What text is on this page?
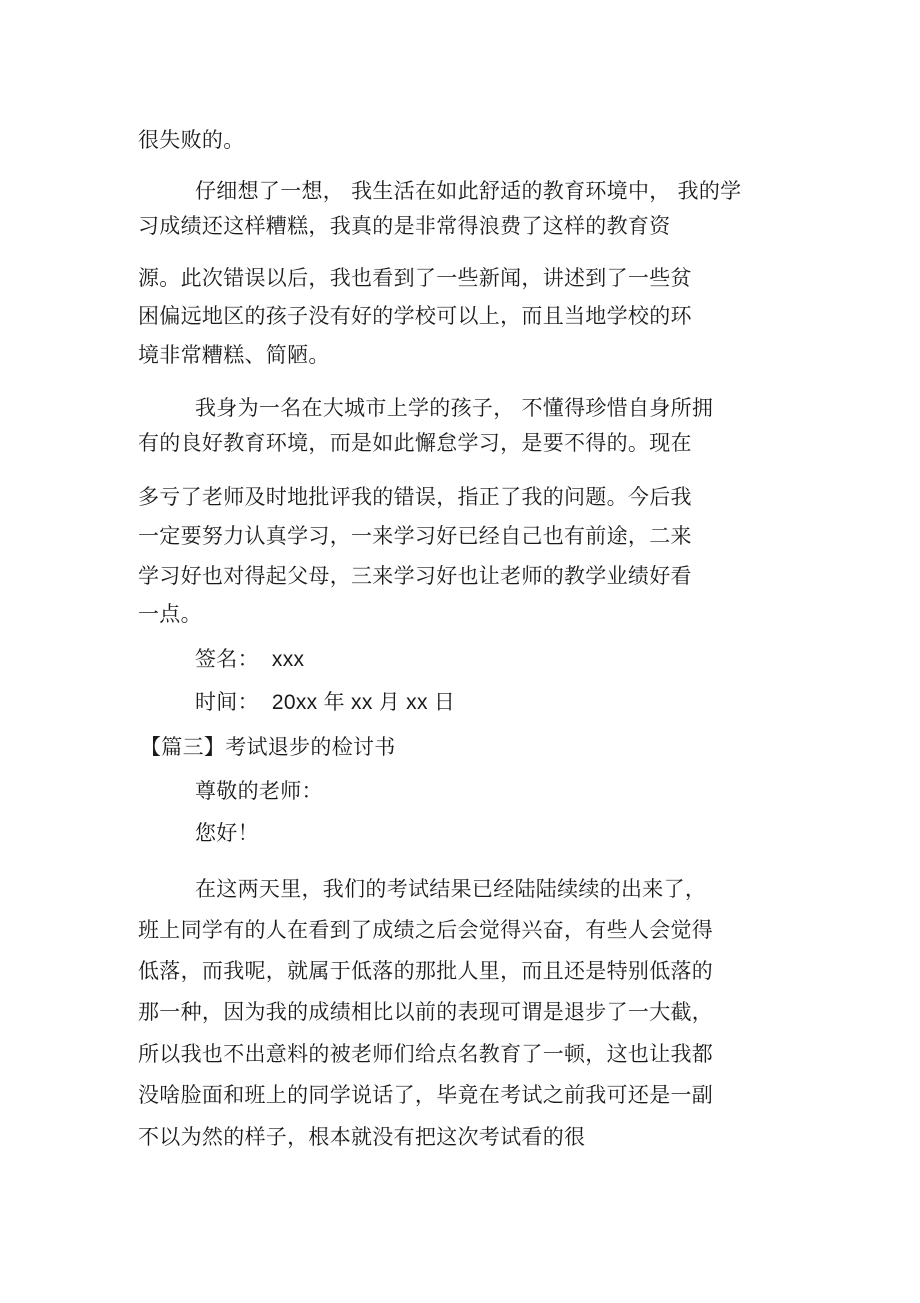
很失败的。
仔细想了一想， 我生活在如此舒适的教育环境中， 我的学
习成绩还这样糟糕，我真的是非常得浪费了这样的教育资
源。此次错误以后，我也看到了一些新闻，讲述到了一些贫
困偏远地区的孩子没有好的学校可以上，而且当地学校的环
境非常糟糕、简陋。
我身为一名在大城市上学的孩子， 不懂得珍惜自身所拥
有的良好教育环境，而是如此懈怠学习，是要不得的。现在
多亏了老师及时地批评我的错误，指正了我的问题。今后我
一定要努力认真学习，一来学习好已经自己也有前途，二来
学习好也对得起父母，三来学习好也让老师的教学业绩好看
一点。
签名： xxx
时间： 20xx 年 xx 月 xx 日
【篇三】考试退步的检讨书
尊敬的老师：
您好！
在这两天里，我们的考试结果已经陆陆续续的出来了，
班上同学有的人在看到了成绩之后会觉得兴奋，有些人会觉得
低落，而我呢，就属于低落的那批人里，而且还是特别低落的
那一种，因为我的成绩相比以前的表现可谓是退步了一大截，
所以我也不出意料的被老师们给点名教育了一顿，这也让我都
没啥脸面和班上的同学说话了，毕竟在考试之前我可还是一副
不以为然的样子，根本就没有把这次考试看的很
